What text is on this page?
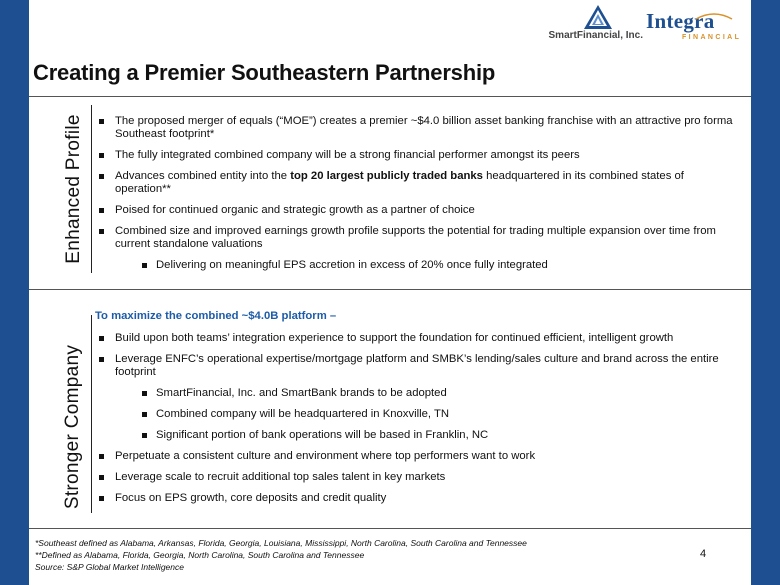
SmartFinancial, Inc.
Integra
FINANCIAL
Creating a Premier Southeastern Partnership
Enhanced Profile	The proposed merger of equals (“MOE”) creates a premier ~$4.0 billion asset banking franchise with an attractive pro forma Southeast footprint*
The fully integrated combined company will be a strong financial performer amongst its peers
Advances combined entity into the top 20 largest publicly traded banks headquartered in its combined states of operation**
Poised for continued organic and strategic growth as a partner of choice
Combined size and improved earnings growth profile supports the potential for trading multiple expansion over time from current standalone valuations
Delivering on meaningful EPS accretion in excess of 20% once fully integrated
Stronger Company
To maximize the combined ~$4.0B platform –
Build upon both teams’ integration experience to support the foundation for continued efficient, intelligent growth
Leverage ENFC’s operational expertise/mortgage platform and SMBK’s lending/sales culture and brand across the entire footprint
SmartFinancial, Inc. and SmartBank brands to be adopted
Combined company will be headquartered in Knoxville, TN
Significant portion of bank operations will be based in Franklin, NC
Perpetuate a consistent culture and environment where top performers want to work
Leverage scale to recruit additional top sales talent in key markets
Focus on EPS growth, core deposits and credit quality
*Southeast defined as Alabama, Arkansas, Florida, Georgia, Louisiana, Mississippi, North Carolina, South Carolina and Tennessee
**Defined as Alabama, Florida, Georgia, North Carolina, South Carolina and Tennessee
Source: S&P Global Market Intelligence
4
